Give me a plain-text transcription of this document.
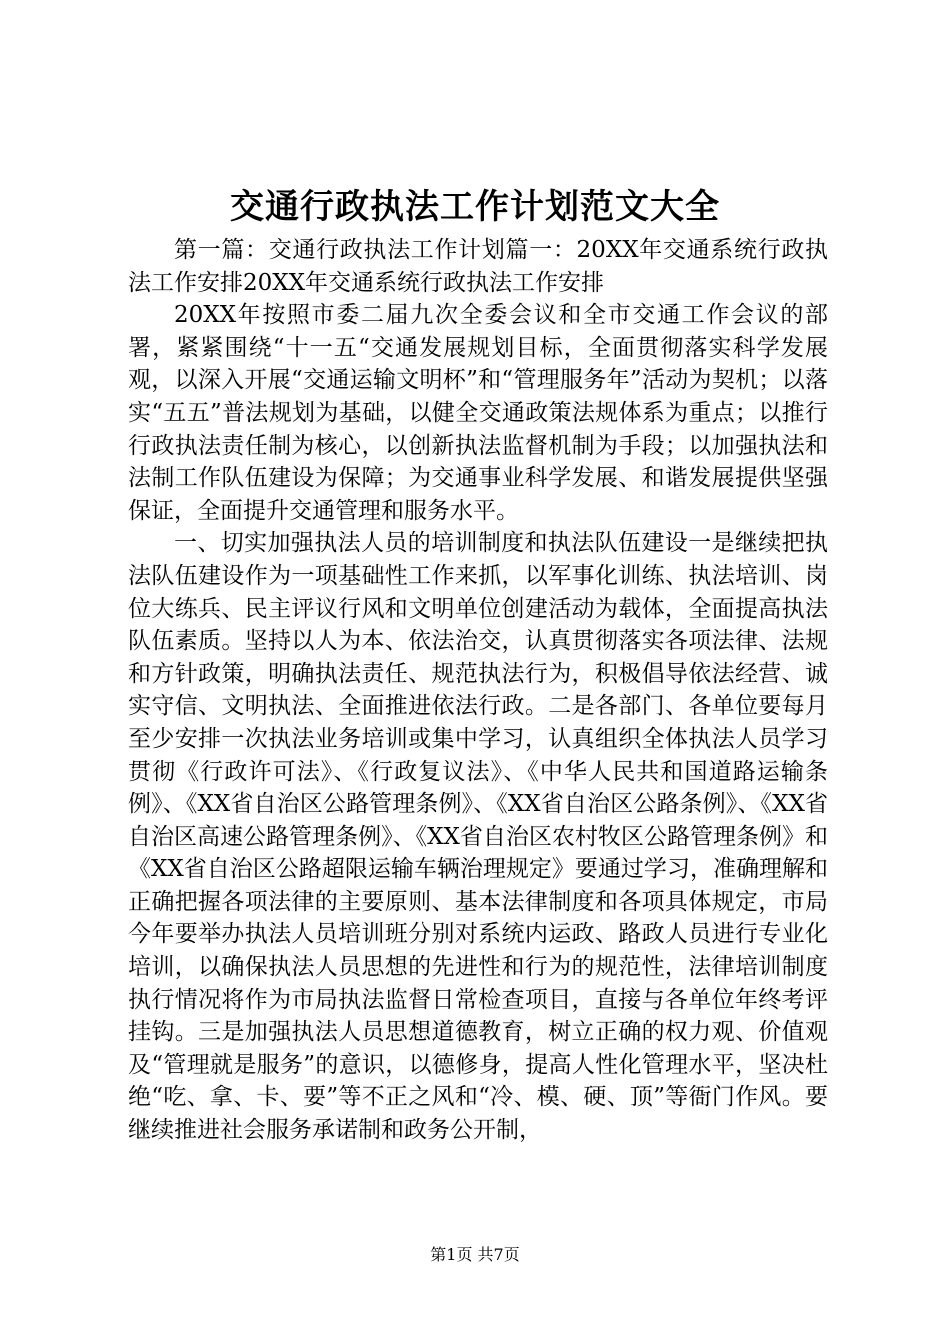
交通行政执法工作计划范文大全

第一篇：交通行政执法工作计划篇一：20XX年交通系统行政执法工作安排20XX年交通系统行政执法工作安排

20XX年按照市委二届九次全委会议和全市交通工作会议的部署，紧紧围绕“十一五“交通发展规划目标，全面贯彻落实科学发展观，以深入开展“交通运输文明杯”和“管理服务年”活动为契机；以落实“五五”普法规划为基础，以健全交通政策法规体系为重点；以推行行政执法责任制为核心，以创新执法监督机制为手段；以加强执法和法制工作队伍建设为保障；为交通事业科学发展、和谐发展提供坚强保证，全面提升交通管理和服务水平。

一、切实加强执法人员的培训制度和执法队伍建设一是继续把执法队伍建设作为一项基础性工作来抓，以军事化训练、执法培训、岗位大练兵、民主评议行风和文明单位创建活动为载体，全面提高执法队伍素质。坚持以人为本、依法治交，认真贯彻落实各项法律、法规和方针政策，明确执法责任、规范执法行为，积极倡导依法经营、诚实守信、文明执法、全面推进依法行政。二是各部门、各单位要每月至少安排一次执法业务培训或集中学习，认真组织全体执法人员学习贯彻《行政许可法》、《行政复议法》、《中华人民共和国道路运输条例》、《XX省自治区公路管理条例》、《XX省自治区公路条例》、《XX省自治区高速公路管理条例》、《XX省自治区农村牧区公路管理条例》和《XX省自治区公路超限运输车辆治理规定》要通过学习，准确理解和正确把握各项法律的主要原则、基本法律制度和各项具体规定，市局今年要举办执法人员培训班分别对系统内运政、路政人员进行专业化培训，以确保执法人员思想的先进性和行为的规范性，法律培训制度执行情况将作为市局执法监督日常检查项目，直接与各单位年终考评挂钩。三是加强执法人员思想道德教育，树立正确的权力观、价值观及“管理就是服务”的意识，以德修身，提高人性化管理水平，坚决杜绝“吃、拿、卡、要”等不正之风和“冷、模、硬、顶”等衙门作风。要继续推进社会服务承诺制和政务公开制，

第1页 共7页
